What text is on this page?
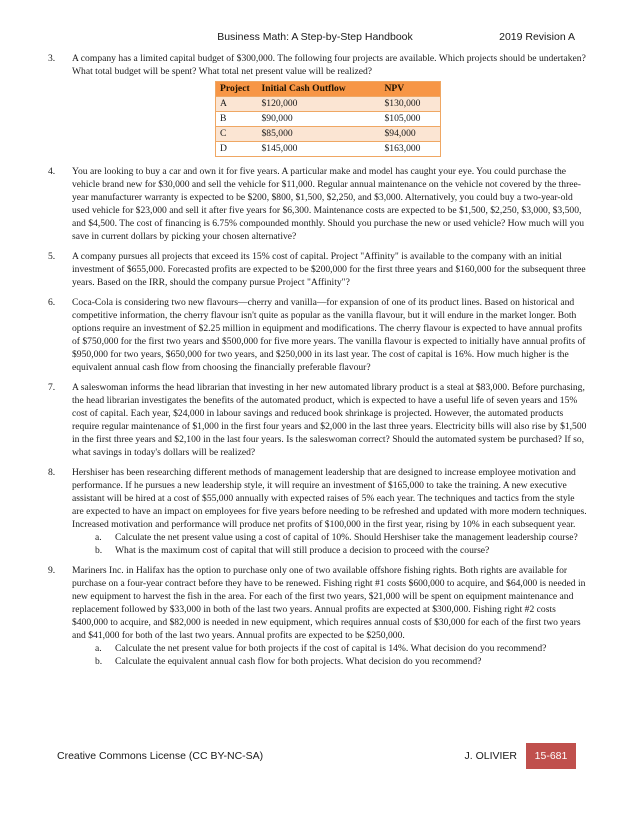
Business Math: A Step-by-Step Handbook	2019 Revision A
3.	A company has a limited capital budget of $300,000. The following four projects are available. Which projects should be undertaken? What total budget will be spent? What total net present value will be realized?
Project	Initial Cash Outflow	NPV
A	$120,000	$130,000
B	$90,000	$105,000
C	$85,000	$94,000
D	$145,000	$163,000
4.	You are looking to buy a car and own it for five years. A particular make and model has caught your eye. You could purchase the vehicle brand new for $30,000 and sell the vehicle for $11,000. Regular annual maintenance on the vehicle not covered by the three-year manufacturer warranty is expected to be $200, $800, $1,500, $2,250, and $3,000. Alternatively, you could buy a two-year-old used vehicle for $23,000 and sell it after five years for $6,300. Maintenance costs are expected to be $1,500, $2,250, $3,000, $3,500, and $4,500. The cost of financing is 6.75% compounded monthly. Should you purchase the new or used vehicle? How much will you save in current dollars by picking your chosen alternative?
5.	A company pursues all projects that exceed its 15% cost of capital. Project "Affinity" is available to the company with an initial investment of $655,000. Forecasted profits are expected to be $200,000 for the first three years and $160,000 for the subsequent three years. Based on the IRR, should the company pursue Project "Affinity"?
6.	Coca-Cola is considering two new flavours—cherry and vanilla—for expansion of one of its product lines. Based on historical and competitive information, the cherry flavour isn't quite as popular as the vanilla flavour, but it will endure in the market longer. Both options require an investment of $2.25 million in equipment and modifications. The cherry flavour is expected to have annual profits of $750,000 for the first two years and $500,000 for five more years. The vanilla flavour is expected to initially have annual profits of $950,000 for two years, $650,000 for two years, and $250,000 in its last year. The cost of capital is 16%. How much higher is the equivalent annual cash flow from choosing the financially preferable flavour?
7.	A saleswoman informs the head librarian that investing in her new automated library product is a steal at $83,000. Before purchasing, the head librarian investigates the benefits of the automated product, which is expected to have a useful life of seven years and 15% cost of capital. Each year, $24,000 in labour savings and reduced book shrinkage is projected. However, the automated products require regular maintenance of $1,000 in the first four years and $2,000 in the last three years. Electricity bills will also rise by $1,500 in the first three years and $2,100 in the last four years. Is the saleswoman correct? Should the automated system be purchased? If so, what savings in today's dollars will be realized?
8.	Hershiser has been researching different methods of management leadership that are designed to increase employee motivation and performance. If he pursues a new leadership style, it will require an investment of $165,000 to take the training. A new executive assistant will be hired at a cost of $55,000 annually with expected raises of 5% each year. The techniques and tactics from the style are expected to have an impact on employees for five years before needing to be refreshed and updated with more modern techniques. Increased motivation and performance will produce net profits of $100,000 in the first year, rising by 10% in each subsequent year.
a.	Calculate the net present value using a cost of capital of 10%. Should Hershiser take the management leadership course?
b.	What is the maximum cost of capital that will still produce a decision to proceed with the course?
9.	Mariners Inc. in Halifax has the option to purchase only one of two available offshore fishing rights. Both rights are available for purchase on a four-year contract before they have to be renewed. Fishing right #1 costs $600,000 to acquire, and $64,000 is needed in new equipment to harvest the fish in the area. For each of the first two years, $21,000 will be spent on equipment maintenance and replacement followed by $33,000 in both of the last two years. Annual profits are expected at $300,000. Fishing right #2 costs $400,000 to acquire, and $82,000 is needed in new equipment, which requires annual costs of $30,000 for each of the first two years and $41,000 for both of the last two years. Annual profits are expected to be $250,000.
a.	Calculate the net present value for both projects if the cost of capital is 14%. What decision do you recommend?
b.	Calculate the equivalent annual cash flow for both projects. What decision do you recommend?
Creative Commons License (CC BY-NC-SA)	J. OLIVIER	15-681
